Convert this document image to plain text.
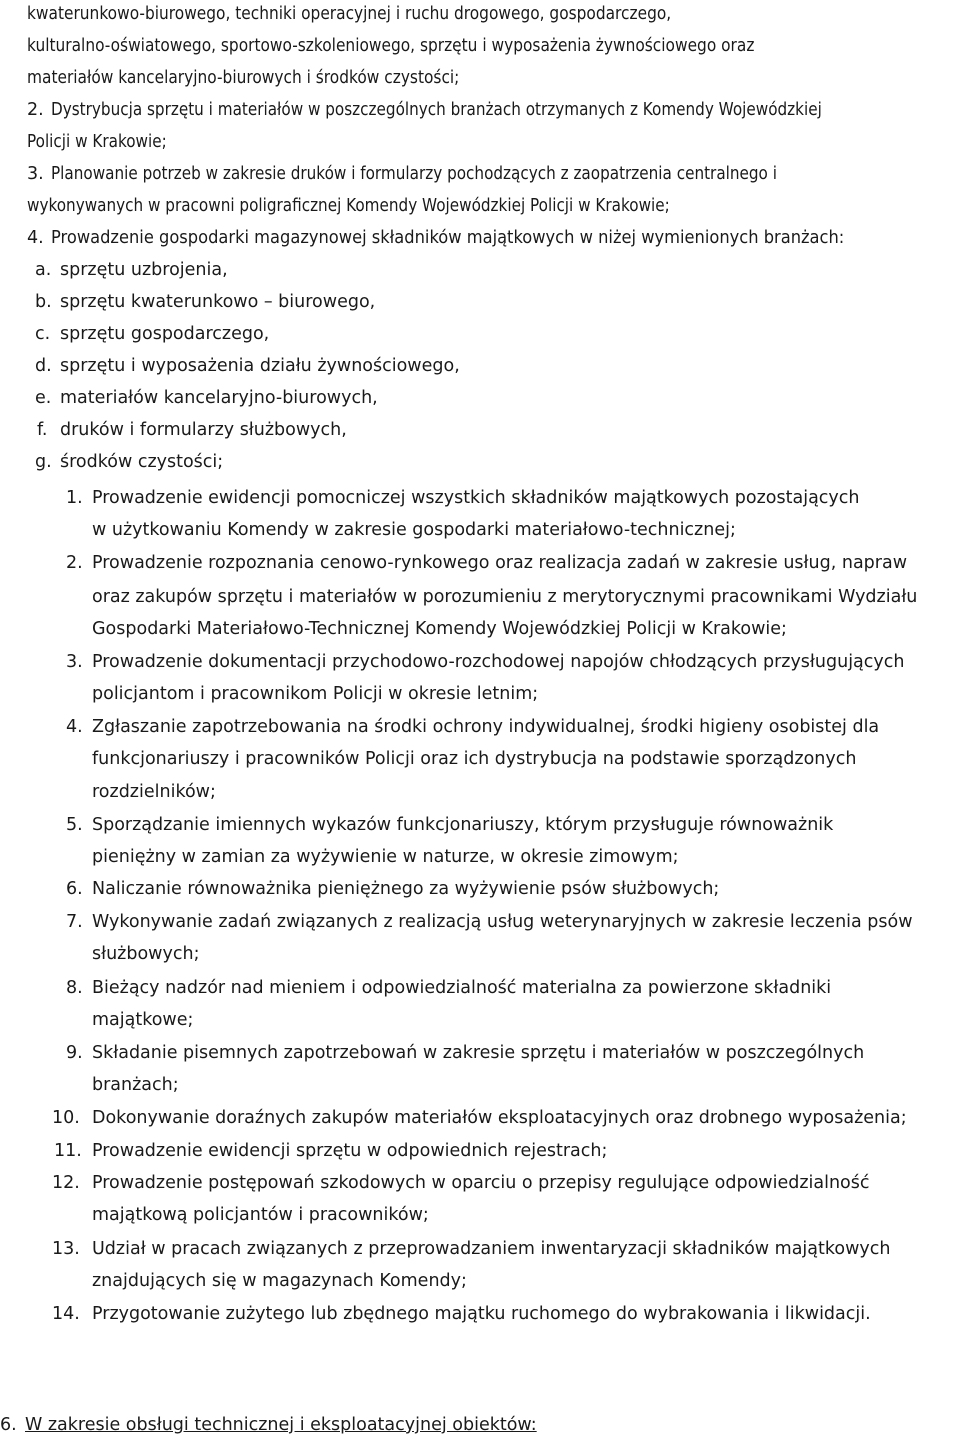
kwaterunkowo-biurowego, techniki operacyjnej i ruchu drogowego, gospodarczego,
kulturalno-oświatowego, sportowo-szkoleniowego, sprzętu i wyposażenia żywnościowego oraz
materiałów kancelaryjno-biurowych i środków czystości;
2. Dystrybucja sprzętu i materiałów w poszczególnych branżach otrzymanych z Komendy Wojewódzkiej
Policji w Krakowie;
3. Planowanie potrzeb w zakresie druków i formularzy pochodzących z zaopatrzenia centralnego i
wykonywanych w pracowni poligraficznej Komendy Wojewódzkiej Policji w Krakowie;
4. Prowadzenie gospodarki magazynowej składników majątkowych w niżej wymienionych branżach:
a. sprzętu uzbrojenia,
b. sprzętu kwaterunkowo – biurowego,
c. sprzętu gospodarczego,
d. sprzętu i wyposażenia działu żywnościowego,
e. materiałów kancelaryjno-biurowych,
f. druków i formularzy służbowych,
g. środków czystości;
1. Prowadzenie ewidencji pomocniczej wszystkich składników majątkowych pozostających
w użytkowaniu Komendy w zakresie gospodarki materiałowo-technicznej;
2. Prowadzenie rozpoznania cenowo-rynkowego oraz realizacja zadań w zakresie usług, napraw
oraz zakupów sprzętu i materiałów w porozumieniu z merytorycznymi pracownikami Wydziału
Gospodarki Materiałowo-Technicznej Komendy Wojewódzkiej Policji w Krakowie;
3. Prowadzenie dokumentacji przychodowo-rozchodowej napojów chłodzących przysługujących
policjantom i pracownikom Policji w okresie letnim;
4. Zgłaszanie zapotrzebowania na środki ochrony indywidualnej, środki higieny osobistej dla
funkcjonariuszy i pracowników Policji oraz ich dystrybucja na podstawie sporządzonych
rozdzielników;
5. Sporządzanie imiennych wykazów funkcjonariuszy, którym przysługuje równoważnik
pieniężny w zamian za wyżywienie w naturze, w okresie zimowym;
6. Naliczanie równoważnika pieniężnego za wyżywienie psów służbowych;
7. Wykonywanie zadań związanych z realizacją usług weterynaryjnych w zakresie leczenia psów
służbowych;
8. Bieżący nadzór nad mieniem i odpowiedzialność materialna za powierzone składniki
majątkowe;
9. Składanie pisemnych zapotrzebowań w zakresie sprzętu i materiałów w poszczególnych
branżach;
10. Dokonywanie doraźnych zakupów materiałów eksploatacyjnych oraz drobnego wyposażenia;
11. Prowadzenie ewidencji sprzętu w odpowiednich rejestrach;
12. Prowadzenie postępowań szkodowych w oparciu o przepisy regulujące odpowiedzialność
majątkową policjantów i pracowników;
13. Udział w pracach związanych z przeprowadzaniem inwentaryzacji składników majątkowych
znajdujących się w magazynach Komendy;
14. Przygotowanie zużytego lub zbędnego majątku ruchomego do wybrakowania i likwidacji.
6. W zakresie obsługi technicznej i eksploatacyjnej obiektów:
